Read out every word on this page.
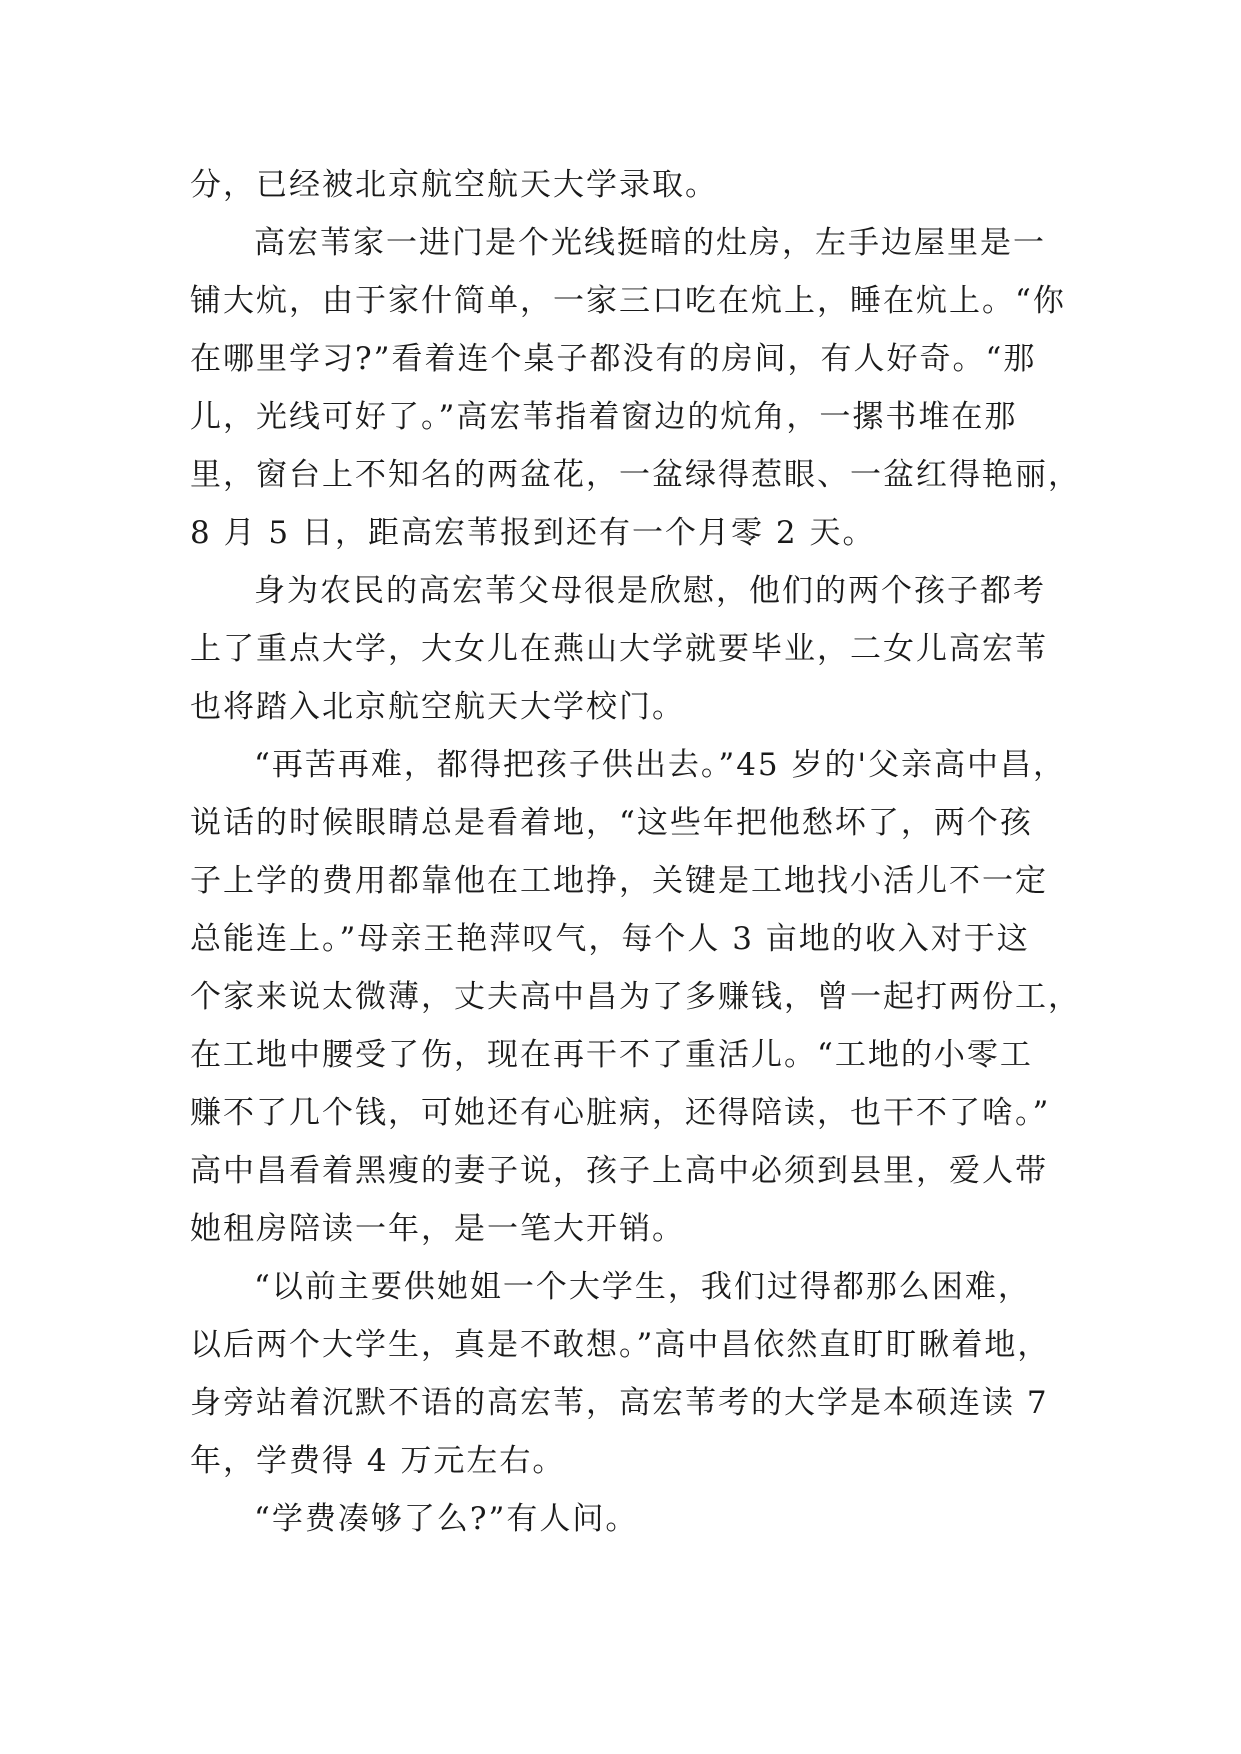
分，已经被北京航空航天大学录取。
高宏苇家一进门是个光线挺暗的灶房，左手边屋里是一
铺大炕，由于家什简单，一家三口吃在炕上，睡在炕上。“你
在哪里学习?”看着连个桌子都没有的房间，有人好奇。“那
儿，光线可好了。”高宏苇指着窗边的炕角，一摞书堆在那
里，窗台上不知名的两盆花，一盆绿得惹眼、一盆红得艳丽，
8 月 5 日，距高宏苇报到还有一个月零 2 天。
身为农民的高宏苇父母很是欣慰，他们的两个孩子都考
上了重点大学，大女儿在燕山大学就要毕业，二女儿高宏苇
也将踏入北京航空航天大学校门。
“再苦再难，都得把孩子供出去。”45 岁的'父亲高中昌，
说话的时候眼睛总是看着地，“这些年把他愁坏了，两个孩
子上学的费用都靠他在工地挣，关键是工地找小活儿不一定
总能连上。”母亲王艳萍叹气，每个人 3 亩地的收入对于这
个家来说太微薄，丈夫高中昌为了多赚钱，曾一起打两份工，
在工地中腰受了伤，现在再干不了重活儿。“工地的小零工
赚不了几个钱，可她还有心脏病，还得陪读，也干不了啥。”
高中昌看着黑瘦的妻子说，孩子上高中必须到县里，爱人带
她租房陪读一年，是一笔大开销。
“以前主要供她姐一个大学生，我们过得都那么困难，
以后两个大学生，真是不敢想。”高中昌依然直盯盯瞅着地，
身旁站着沉默不语的高宏苇，高宏苇考的大学是本硕连读 7
年，学费得 4 万元左右。
“学费凑够了么?”有人问。
